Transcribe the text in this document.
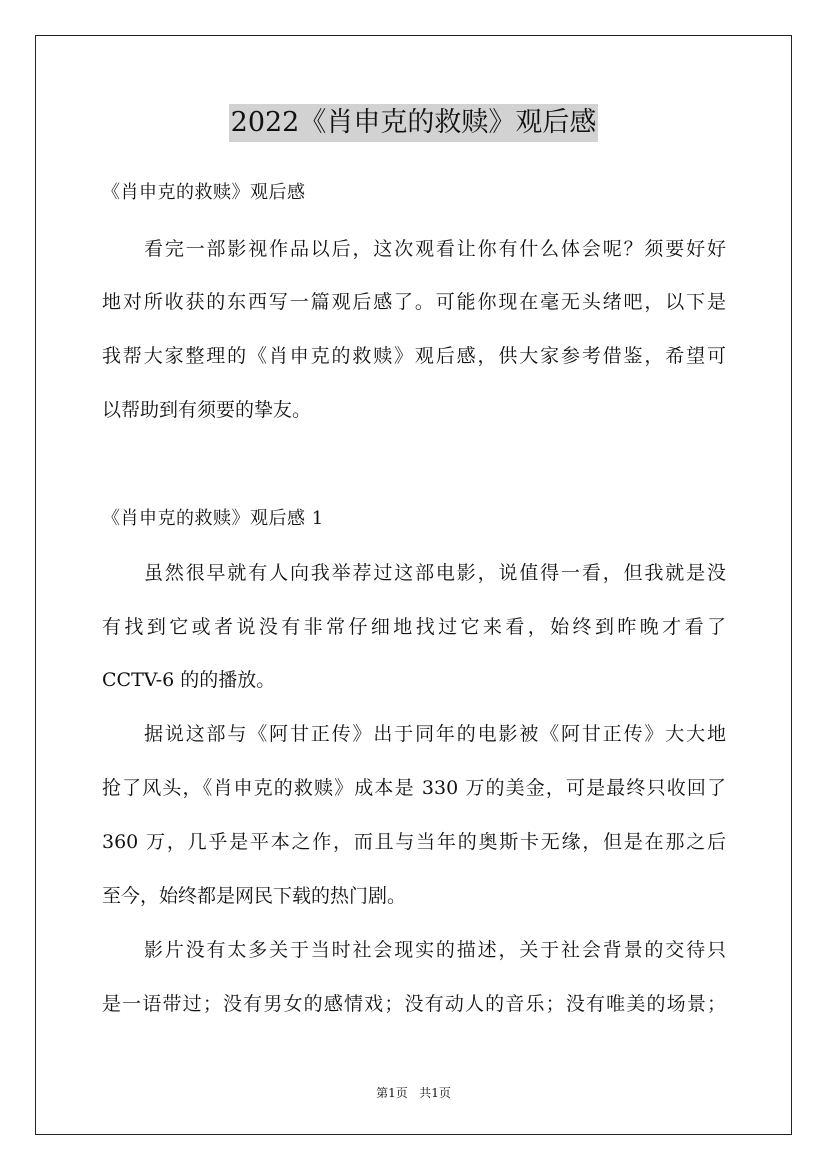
2022《肖申克的救赎》观后感
《肖申克的救赎》观后感
看完一部影视作品以后，这次观看让你有什么体会呢？须要好好
地对所收获的东西写一篇观后感了。可能你现在毫无头绪吧，以下是
我帮大家整理的《肖申克的救赎》观后感，供大家参考借鉴，希望可
以帮助到有须要的挚友。
《肖申克的救赎》观后感 1
虽然很早就有人向我举荐过这部电影，说值得一看，但我就是没
有找到它或者说没有非常仔细地找过它来看，始终到昨晚才看了
CCTV-6 的的播放。
据说这部与《阿甘正传》出于同年的电影被《阿甘正传》大大地
抢了风头，《肖申克的救赎》成本是 330 万的美金，可是最终只收回了
360 万，几乎是平本之作，而且与当年的奥斯卡无缘，但是在那之后
至今，始终都是网民下载的热门剧。
影片没有太多关于当时社会现实的描述，关于社会背景的交待只
是一语带过；没有男女的感情戏；没有动人的音乐；没有唯美的场景；
第1页 共1页
